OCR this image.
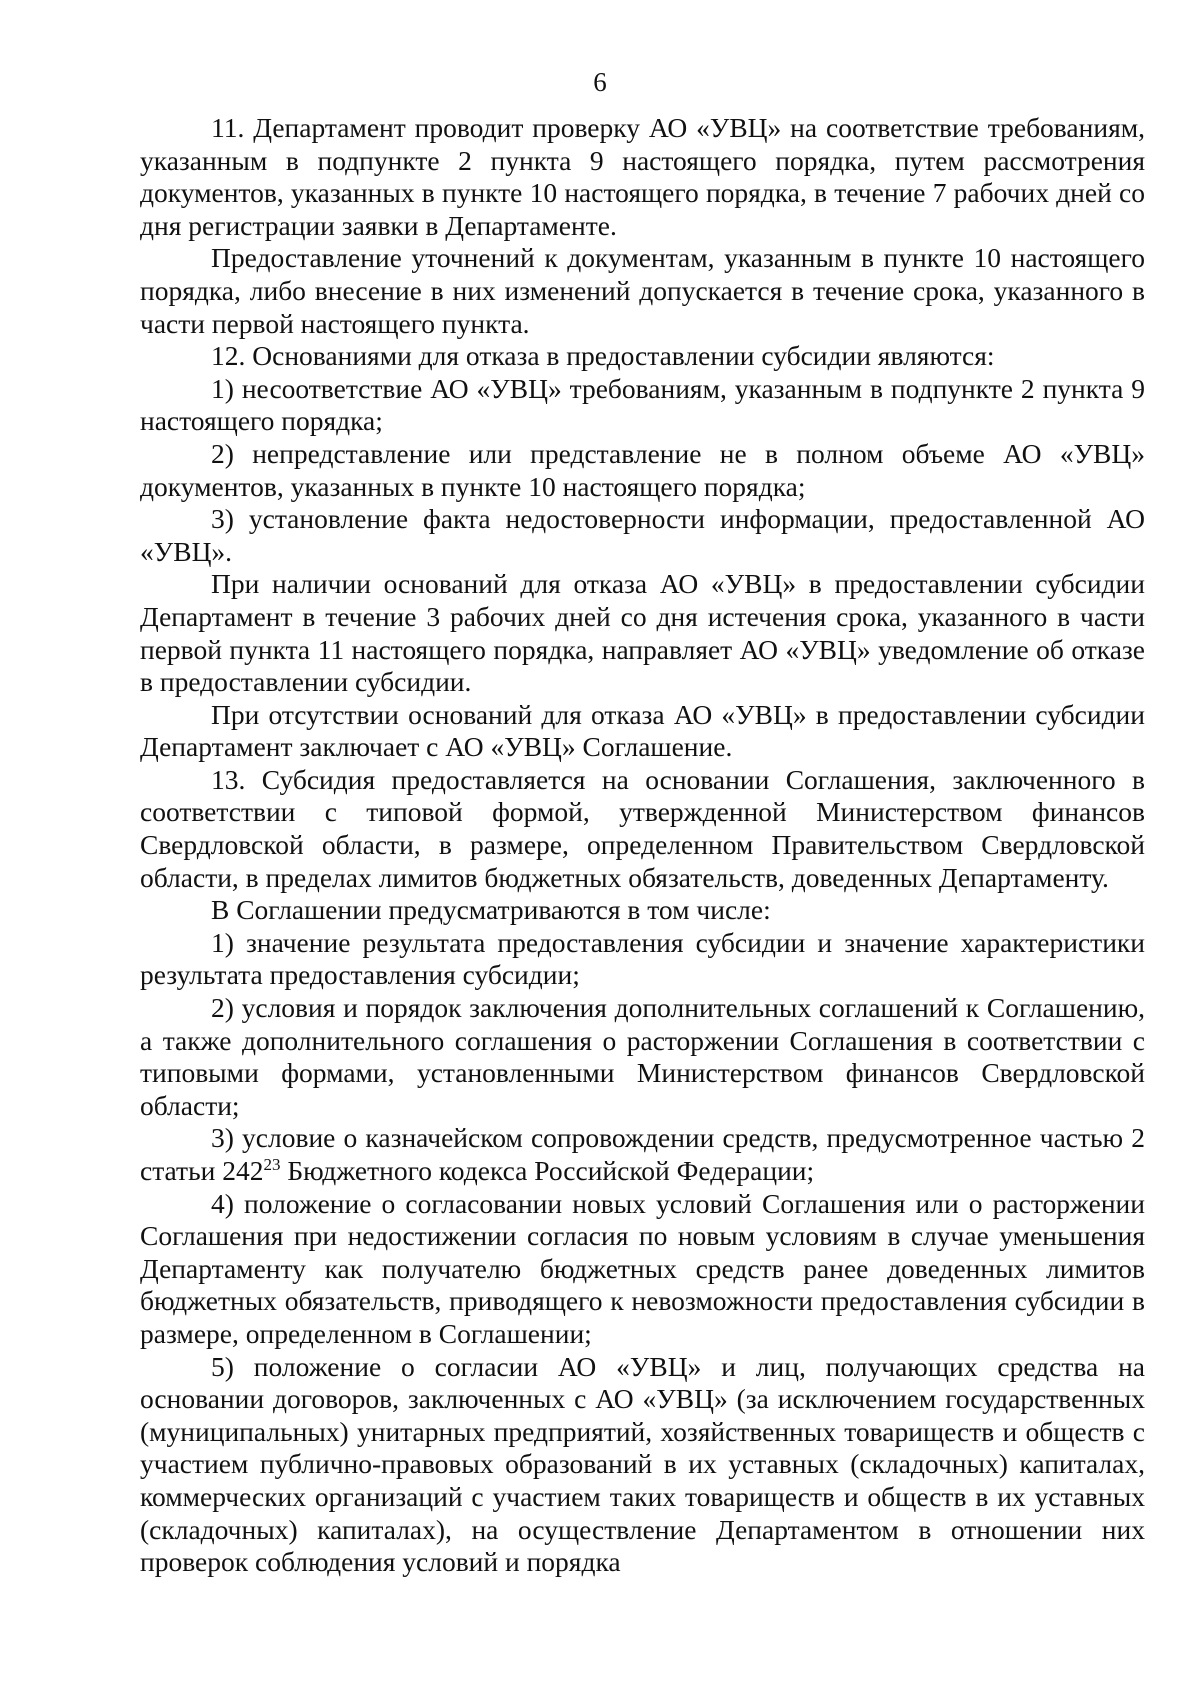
6

11. Департамент проводит проверку АО «УВЦ» на соответствие требованиям, указанным в подпункте 2 пункта 9 настоящего порядка, путем рассмотрения документов, указанных в пункте 10 настоящего порядка, в течение 7 рабочих дней со дня регистрации заявки в Департаменте.

Предоставление уточнений к документам, указанным в пункте 10 настоящего порядка, либо внесение в них изменений допускается в течение срока, указанного в части первой настоящего пункта.

12. Основаниями для отказа в предоставлении субсидии являются:

1) несоответствие АО «УВЦ» требованиям, указанным в подпункте 2 пункта 9 настоящего порядка;

2) непредставление или представление не в полном объеме АО «УВЦ» документов, указанных в пункте 10 настоящего порядка;

3) установление факта недостоверности информации, предоставленной АО «УВЦ».

При наличии оснований для отказа АО «УВЦ» в предоставлении субсидии Департамент в течение 3 рабочих дней со дня истечения срока, указанного в части первой пункта 11 настоящего порядка, направляет АО «УВЦ» уведомление об отказе в предоставлении субсидии.

При отсутствии оснований для отказа АО «УВЦ» в предоставлении субсидии Департамент заключает с АО «УВЦ» Соглашение.

13. Субсидия предоставляется на основании Соглашения, заключенного в соответствии с типовой формой, утвержденной Министерством финансов Свердловской области, в размере, определенном Правительством Свердловской области, в пределах лимитов бюджетных обязательств, доведенных Департаменту.

В Соглашении предусматриваются в том числе:

1) значение результата предоставления субсидии и значение характеристики результата предоставления субсидии;

2) условия и порядок заключения дополнительных соглашений к Соглашению, а также дополнительного соглашения о расторжении Соглашения в соответствии с типовыми формами, установленными Министерством финансов Свердловской области;

3) условие о казначейском сопровождении средств, предусмотренное частью 2 статьи $242^{23}$ Бюджетного кодекса Российской Федерации;

4) положение о согласовании новых условий Соглашения или о расторжении Соглашения при недостижении согласия по новым условиям в случае уменьшения Департаменту как получателю бюджетных средств ранее доведенных лимитов бюджетных обязательств, приводящего к невозможности предоставления субсидии в размере, определенном в Соглашении;

5) положение о согласии АО «УВЦ» и лиц, получающих средства на основании договоров, заключенных с АО «УВЦ» (за исключением государственных (муниципальных) унитарных предприятий, хозяйственных товариществ и обществ с участием публично-правовых образований в их уставных (складочных) капиталах, коммерческих организаций с участием таких товариществ и обществ в их уставных (складочных) капиталах), на осуществление Департаментом в отношении них проверок соблюдения условий и порядка
